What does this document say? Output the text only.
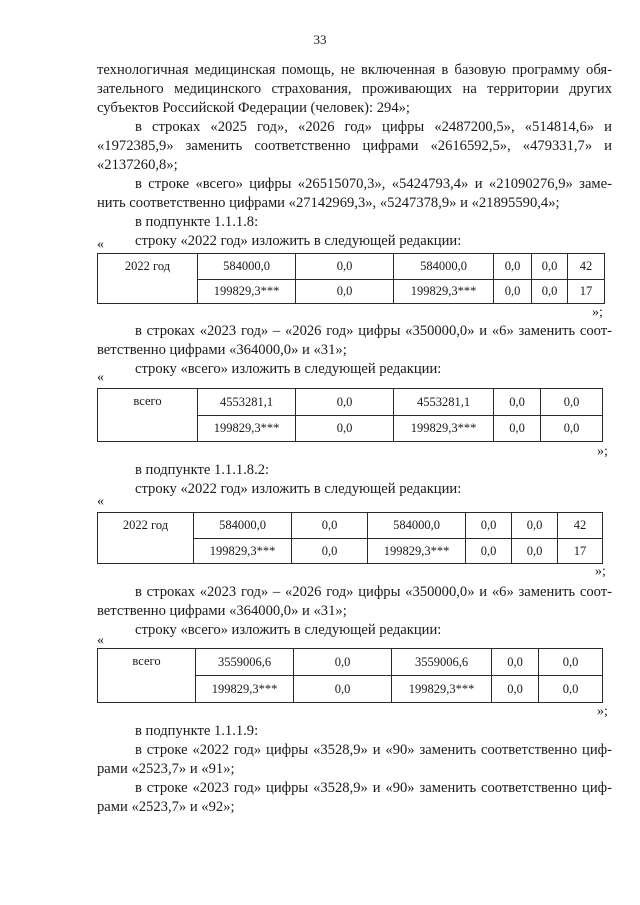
33
технологичная медицинская помощь, не включенная в базовую программу обя-
зательного медицинского страхования, проживающих на территории других
субъектов Российской Федерации (человек): 294»;
в строках «2025 год», «2026 год» цифры «2487200,5», «514814,6» и
«1972385,9» заменить соответственно цифрами «2616592,5», «479331,7» и
«2137260,8»;
в строке «всего» цифры «26515070,3», «5424793,4» и «21090276,9» заме-
нить соответственно цифрами «27142969,3», «5247378,9» и «21895590,4»;
в подпункте 1.1.1.8:
строку «2022 год» изложить в следующей редакции:
«
2022 год	584000,0	0,0	584000,0	0,0	0,0	42
	199829,3***	0,0	199829,3***	0,0	0,0	17
»;
в строках «2023 год» – «2026 год» цифры «350000,0» и «6» заменить соот-
ветственно цифрами «364000,0» и «31»;
строку «всего» изложить в следующей редакции:
«
всего	4553281,1	0,0	4553281,1	0,0	0,0
	199829,3***	0,0	199829,3***	0,0	0,0
»;
в подпункте 1.1.1.8.2:
строку «2022 год» изложить в следующей редакции:
«
2022 год	584000,0	0,0	584000,0	0,0	0,0	42
	199829,3***	0,0	199829,3***	0,0	0,0	17
»;
в строках «2023 год» – «2026 год» цифры «350000,0» и «6» заменить соот-
ветственно цифрами «364000,0» и «31»;
строку «всего» изложить в следующей редакции:
«
всего	3559006,6	0,0	3559006,6	0,0	0,0
	199829,3***	0,0	199829,3***	0,0	0,0
»;
в подпункте 1.1.1.9:
в строке «2022 год» цифры «3528,9» и «90» заменить соответственно циф-
рами «2523,7» и «91»;
в строке «2023 год» цифры «3528,9» и «90» заменить соответственно циф-
рами «2523,7» и «92»;
